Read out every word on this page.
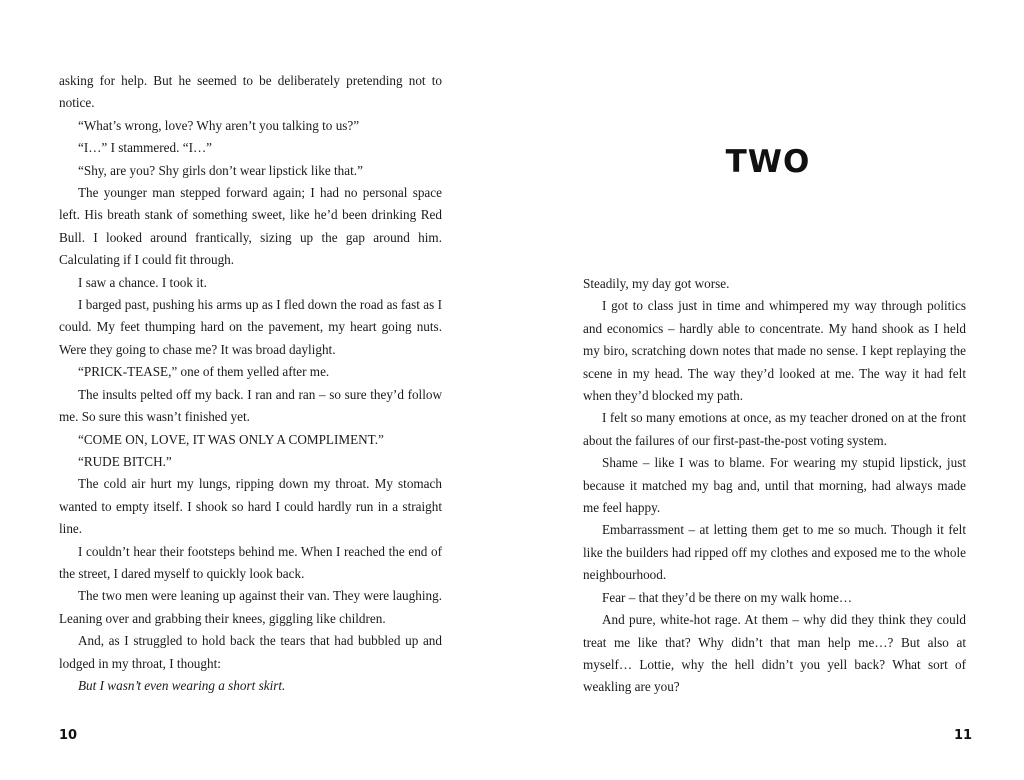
asking for help. But he seemed to be deliberately pretending not to notice.

“What’s wrong, love? Why aren’t you talking to us?”

“I…” I stammered. “I…”

“Shy, are you? Shy girls don’t wear lipstick like that.”

The younger man stepped forward again; I had no personal space left. His breath stank of something sweet, like he’d been drinking Red Bull. I looked around frantically, sizing up the gap around him. Calculating if I could fit through.

I saw a chance. I took it.

I barged past, pushing his arms up as I fled down the road as fast as I could. My feet thumping hard on the pavement, my heart going nuts. Were they going to chase me? It was broad daylight.

“PRICK-TEASE,” one of them yelled after me.

The insults pelted off my back. I ran and ran – so sure they’d follow me. So sure this wasn’t finished yet.

“COME ON, LOVE, IT WAS ONLY A COMPLIMENT.”

“RUDE BITCH.”

The cold air hurt my lungs, ripping down my throat. My stomach wanted to empty itself. I shook so hard I could hardly run in a straight line.

I couldn’t hear their footsteps behind me. When I reached the end of the street, I dared myself to quickly look back.

The two men were leaning up against their van. They were laughing. Leaning over and grabbing their knees, giggling like children.

And, as I struggled to hold back the tears that had bubbled up and lodged in my throat, I thought:

But I wasn’t even wearing a short skirt.

10
TWO

Steadily, my day got worse.

I got to class just in time and whimpered my way through politics and economics – hardly able to concentrate. My hand shook as I held my biro, scratching down notes that made no sense. I kept replaying the scene in my head. The way they’d looked at me. The way it had felt when they’d blocked my path.

I felt so many emotions at once, as my teacher droned on at the front about the failures of our first-past-the-post voting system.

Shame – like I was to blame. For wearing my stupid lipstick, just because it matched my bag and, until that morning, had always made me feel happy.

Embarrassment – at letting them get to me so much. Though it felt like the builders had ripped off my clothes and exposed me to the whole neighbourhood.

Fear – that they’d be there on my walk home…

And pure, white-hot rage. At them – why did they think they could treat me like that? Why didn’t that man help me…? But also at myself… Lottie, why the hell didn’t you yell back? What sort of weakling are you?

11
